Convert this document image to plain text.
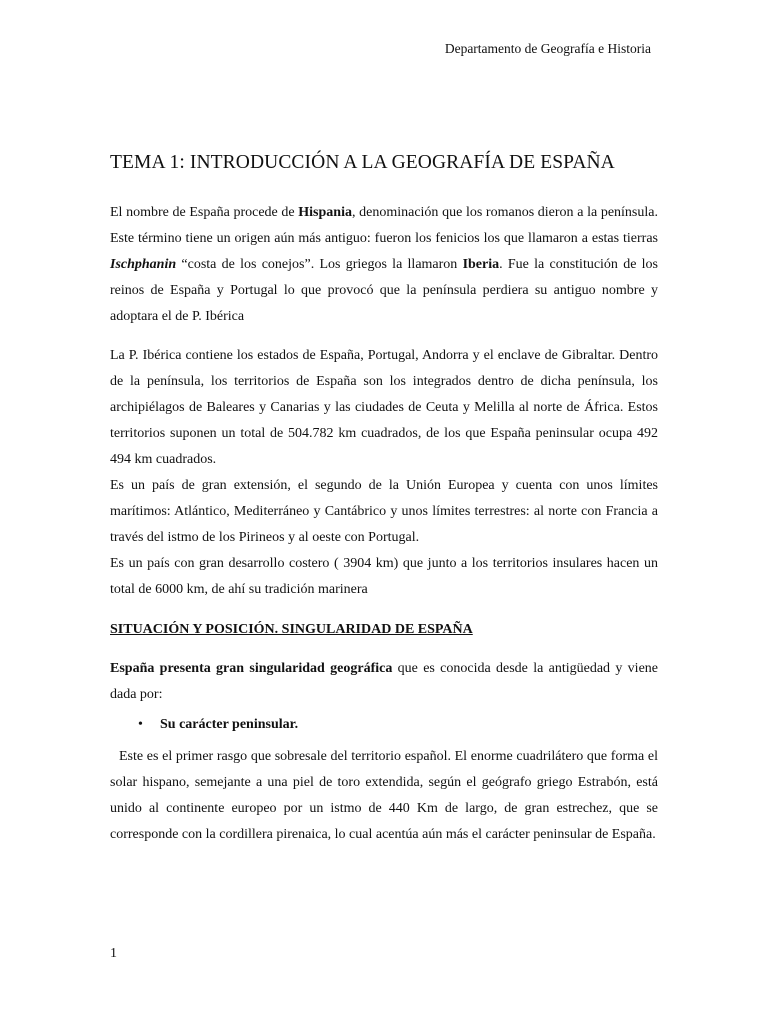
Departamento de Geografía e Historia
TEMA 1: INTRODUCCIÓN A LA GEOGRAFÍA DE ESPAÑA

El nombre de España procede de Hispania, denominación que los romanos dieron a la península. Este término tiene un origen aún más antiguo: fueron los fenicios los que llamaron a estas tierras Ischphanin “costa de los conejos”. Los griegos la llamaron Iberia. Fue la constitución de los reinos de España y Portugal lo que provocó que la península perdiera su antiguo nombre y adoptara el de P. Ibérica

La P. Ibérica contiene los estados de España, Portugal, Andorra y el enclave de Gibraltar. Dentro de la península, los territorios de España son los integrados dentro de dicha península, los archipiélagos de Baleares y Canarias y las ciudades de Ceuta y Melilla al norte de África. Estos territorios suponen un total de 504.782 km cuadrados, de los que España peninsular ocupa 492 494 km cuadrados.

Es un país de gran extensión, el segundo de la Unión Europea y cuenta con unos límites marítimos: Atlántico, Mediterráneo y Cantábrico y unos límites terrestres: al norte con Francia a través del istmo de los Pirineos y al oeste con Portugal.

Es un país con gran desarrollo costero ( 3904 km) que junto a los territorios insulares hacen un total de 6000 km, de ahí su tradición marinera

SITUACIÓN Y POSICIÓN. SINGULARIDAD DE ESPAÑA

España presenta gran singularidad geográfica que es conocida desde la antigüedad y viene dada por:

•	Su carácter peninsular.

Este es el primer rasgo que sobresale del territorio español. El enorme cuadrilátero que forma el solar hispano, semejante a una piel de toro extendida, según el geógrafo griego Estrabón, está unido al continente europeo por un istmo de 440 Km de largo, de gran estrechez, que se corresponde con la cordillera pirenaica, lo cual acentúa aún más el carácter peninsular de España.

1
